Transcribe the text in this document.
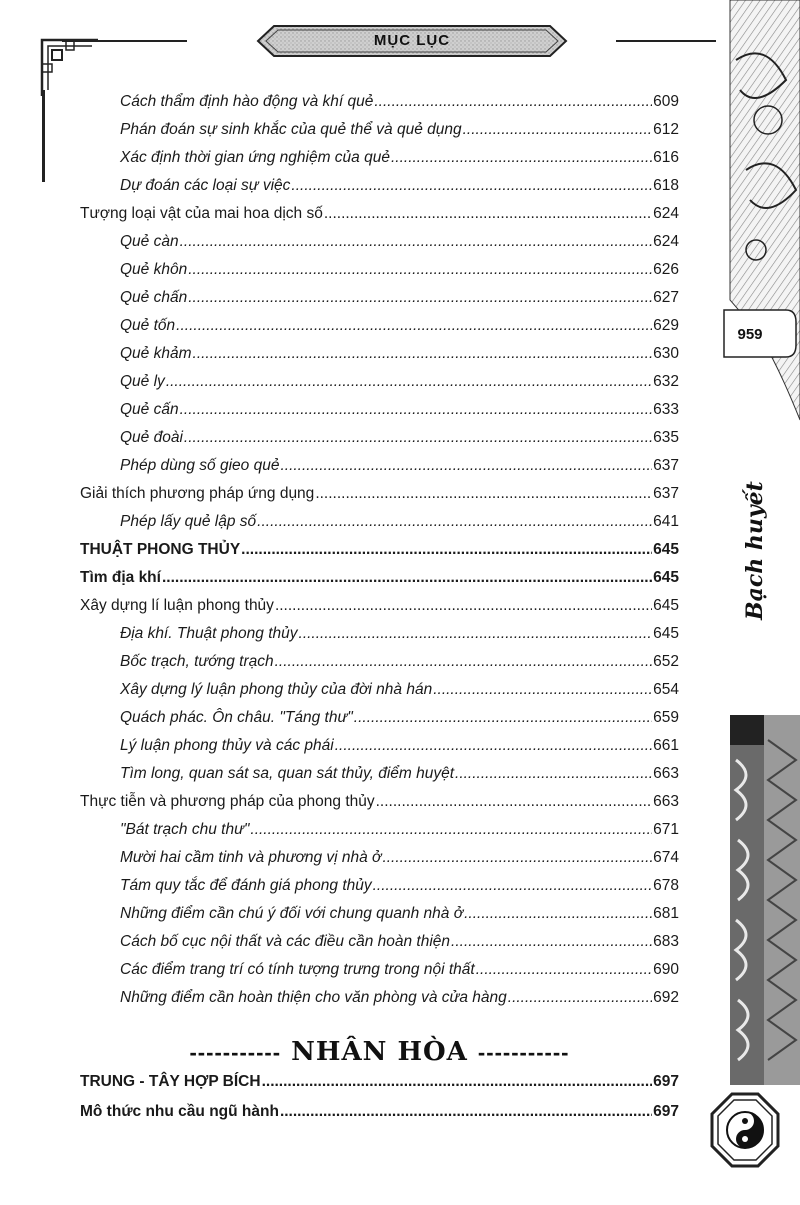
MỤC LỤC
959
Bạch huyết
Cách thẩm định hào động và khí quẻ .....	609
Phán đoán sự sinh khắc của quẻ thể và quẻ dụng .....	612
Xác định thời gian ứng nghiệm của quẻ .....	616
Dự đoán các loại sự việc .....	618
Tượng loại vật của mai hoa dịch số .....	624
Quẻ càn .....	624
Quẻ khôn .....	626
Quẻ chấn .....	627
Quẻ tốn .....	629
Quẻ khảm .....	630
Quẻ ly .....	632
Quẻ cấn .....	633
Quẻ đoài .....	635
Phép dùng số gieo quẻ .....	637
Giải thích phương pháp ứng dụng .....	637
Phép lấy quẻ lập số .....	641
THUẬT PHONG THỦY .....	645
Tìm địa khí .....	645
Xây dựng lí luận phong thủy .....	645
Địa khí. Thuật phong thủy .....	645
Bốc trạch, tướng trạch .....	652
Xây dựng lý luận phong thủy của đời nhà hán .....	654
Quách phác. Ôn châu. "Táng thư" .....	659
Lý luận phong thủy và các phái .....	661
Tìm long, quan sát sa, quan sát thủy, điểm huyệt .....	663
Thực tiễn và phương pháp của phong thủy .....	663
"Bát trạch chu thư" .....	671
Mười hai cầm tinh và phương vị nhà ở .....	674
Tám quy tắc để đánh giá phong thủy .....	678
Những điểm cần chú ý đối với chung quanh nhà ở .....	681
Cách bố cục nội thất và các điều cần hoàn thiện .....	683
Các điểm trang trí có tính tượng trưng trong nội thất .....	690
Những điểm cần hoàn thiện cho văn phòng và cửa hàng .....	692
----------- NHÂN HÒA -----------
TRUNG - TÂY HỢP BÍCH .....	697
Mô thức nhu cầu ngũ hành .....	697
